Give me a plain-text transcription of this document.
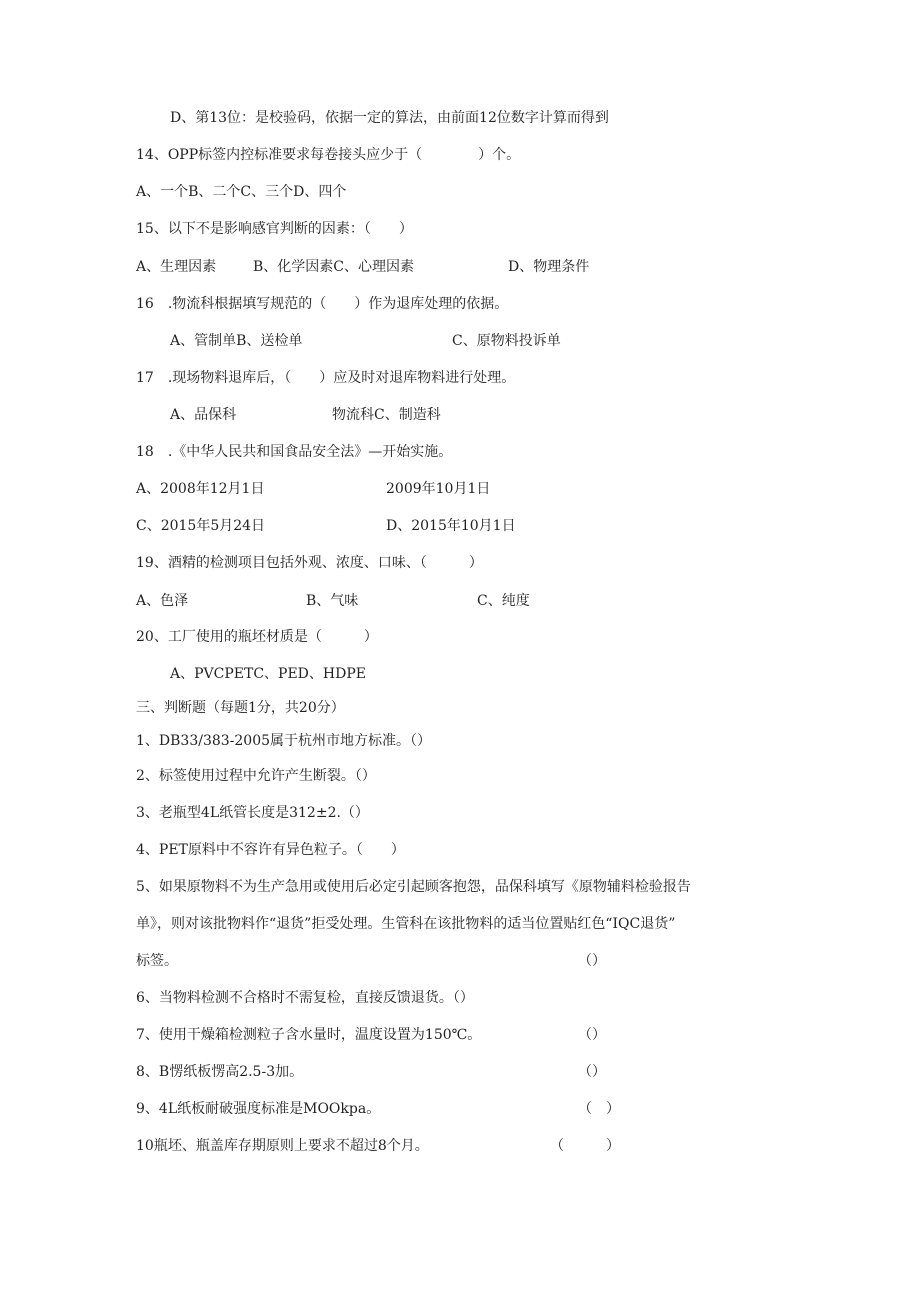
D、第13位：是校验码，依据一定的算法，由前面12位数字计算而得到
14、OPP标签内控标准要求每卷接头应少于（　　　　）个。
A、一个B、二个C、三个D、四个
15、以下不是影响感官判断的因素：（　　）
A、生理因素	B、化学因素C、心理因素	D、物理条件
16　.物流科根据填写规范的（　　）作为退库处理的依据。
A、管制单B、送检单	C、原物料投诉单
17　.现场物料退库后，（　　）应及时对退库物料进行处理。
A、品保科	物流科C、制造科
18　.《中华人民共和国食品安全法》—开始实施。
A、2008年12月1日	2009年10月1日
C、2015年5月24日	D、2015年10月1日
19、酒精的检测项目包括外观、浓度、口味、（　　　）
A、色泽	B、气味	C、纯度
20、工厂使用的瓶坯材质是（　　　）
A、PVCPETC、PED、HDPE
三、判断题（每题1分，共20分）
1、DB33/383-2005属于杭州市地方标准。（）
2、标签使用过程中允许产生断裂。（）
3、老瓶型4L纸管长度是312±2.（）
4、PET原料中不容许有异色粒子。（　　）
5、如果原物料不为生产急用或使用后必定引起顾客抱怨，品保科填写《原物辅料检验报告
单》，则对该批物料作“退货”拒受处理。生管科在该批物料的适当位置贴红色“IQC退货”
标签。	（）
6、当物料检测不合格时不需复检，直接反馈退货。（）
7、使用干燥箱检测粒子含水量时，温度设置为150℃。	（）
8、B愣纸板愣高2.5-3加。	（）
9、4L纸板耐破强度标准是MOOkpa。	（　）
10瓶坯、瓶盖库存期原则上要求不超过8个月。	（　　　）
